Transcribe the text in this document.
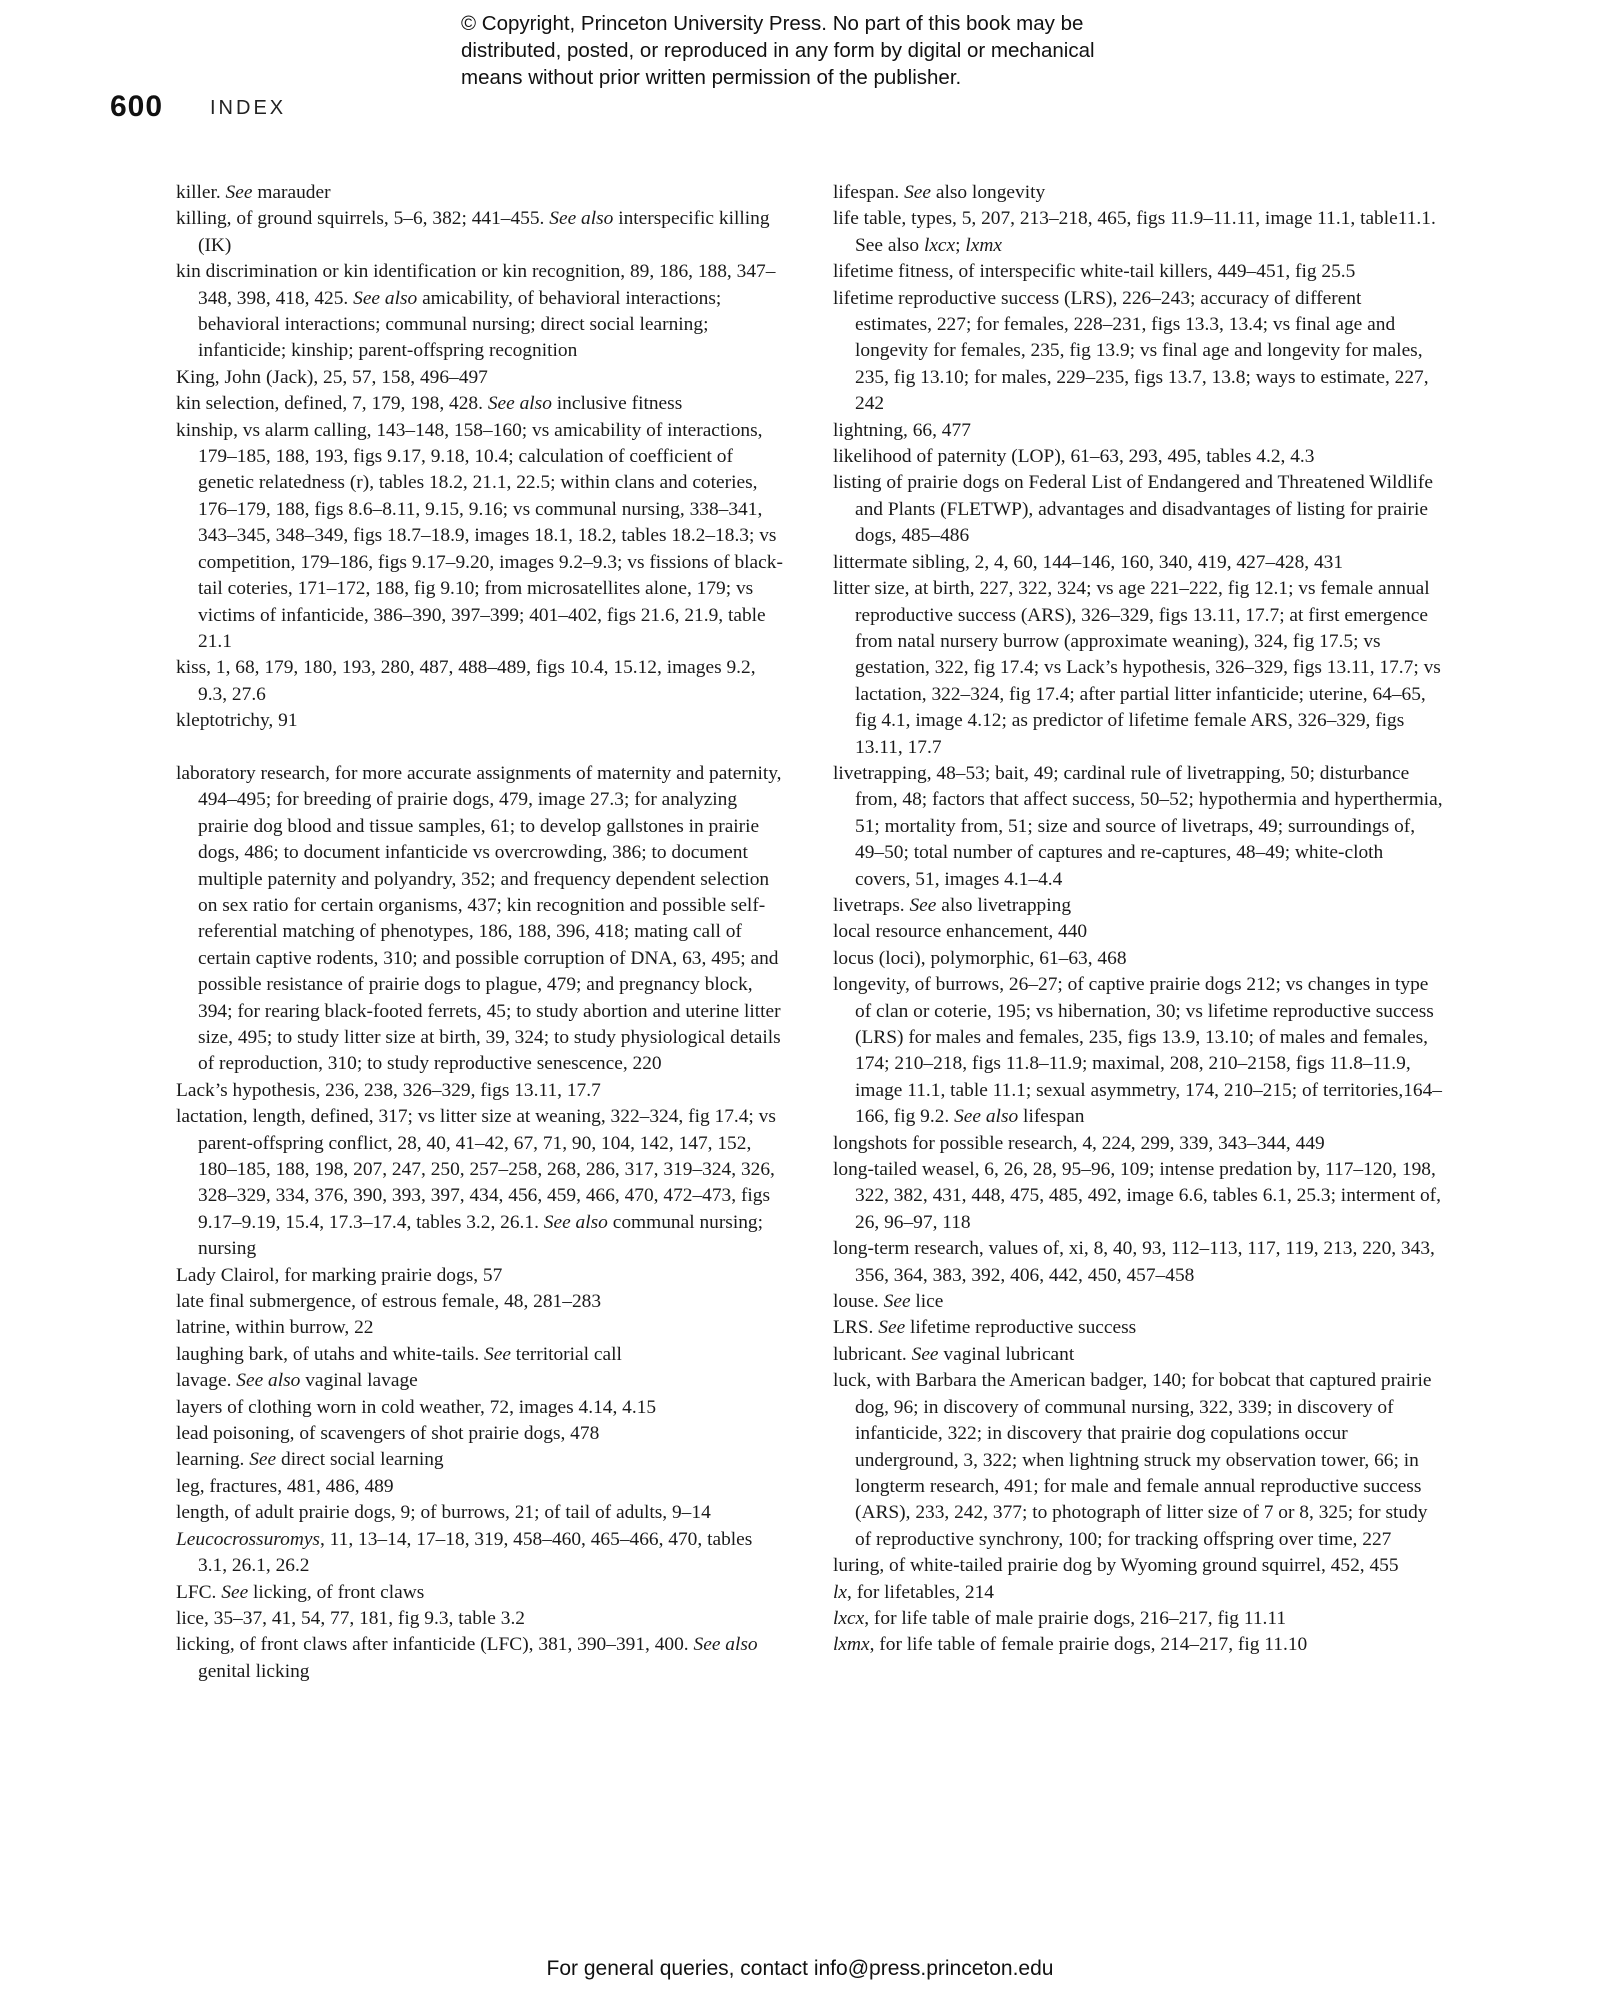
© Copyright, Princeton University Press. No part of this book may be
distributed, posted, or reproduced in any form by digital or mechanical
means without prior written permission of the publisher.
600 INDEX

killer. See marauder

killing, of ground squirrels, 5–6, 382; 441–455. See also interspecific killing (IK)

kin discrimination or kin identification or kin recognition, 89, 186, 188, 347–348, 398, 418, 425. See also amicability, of behavioral interactions; behavioral interactions; communal nursing; direct social learning; infanticide; kinship; parent-offspring recognition

King, John (Jack), 25, 57, 158, 496–497

kin selection, defined, 7, 179, 198, 428. See also inclusive fitness

kinship, vs alarm calling, 143–148, 158–160; vs amicability of interactions, 179–185, 188, 193, figs 9.17, 9.18, 10.4; calculation of coefficient of genetic relatedness (r), tables 18.2, 21.1, 22.5; within clans and coteries, 176–179, 188, figs 8.6–8.11, 9.15, 9.16; vs communal nursing, 338–341, 343–345, 348–349, figs 18.7–18.9, images 18.1, 18.2, tables 18.2–18.3; vs competition, 179–186, figs 9.17–9.20, images 9.2–9.3; vs fissions of black-tail coteries, 171–172, 188, fig 9.10; from microsatellites alone, 179; vs victims of infanticide, 386–390, 397–399; 401–402, figs 21.6, 21.9, table 21.1

kiss, 1, 68, 179, 180, 193, 280, 487, 488–489, figs 10.4, 15.12, images 9.2, 9.3, 27.6

kleptotrichy, 91

laboratory research, for more accurate assignments of maternity and paternity, 494–495; for breeding of prairie dogs, 479, image 27.3; for analyzing prairie dog blood and tissue samples, 61; to develop gallstones in prairie dogs, 486; to document infanticide vs overcrowding, 386; to document multiple paternity and polyandry, 352; and frequency dependent selection on sex ratio for certain organisms, 437; kin recognition and possible self-referential matching of phenotypes, 186, 188, 396, 418; mating call of certain captive rodents, 310; and possible corruption of DNA, 63, 495; and possible resistance of prairie dogs to plague, 479; and pregnancy block, 394; for rearing black-footed ferrets, 45; to study abortion and uterine litter size, 495; to study litter size at birth, 39, 324; to study physiological details of reproduction, 310; to study reproductive senescence, 220

Lack’s hypothesis, 236, 238, 326–329, figs 13.11, 17.7

lactation, length, defined, 317; vs litter size at weaning, 322–324, fig 17.4; vs parent-offspring conflict, 28, 40, 41–42, 67, 71, 90, 104, 142, 147, 152, 180–185, 188, 198, 207, 247, 250, 257–258, 268, 286, 317, 319–324, 326, 328–329, 334, 376, 390, 393, 397, 434, 456, 459, 466, 470, 472–473, figs 9.17–9.19, 15.4, 17.3–17.4, tables 3.2, 26.1. See also communal nursing; nursing

Lady Clairol, for marking prairie dogs, 57

late final submergence, of estrous female, 48, 281–283

latrine, within burrow, 22

laughing bark, of utahs and white-tails. See territorial call

lavage. See also vaginal lavage

layers of clothing worn in cold weather, 72, images 4.14, 4.15

lead poisoning, of scavengers of shot prairie dogs, 478

learning. See direct social learning

leg, fractures, 481, 486, 489

length, of adult prairie dogs, 9; of burrows, 21; of tail of adults, 9–14

Leucocrossuromys, 11, 13–14, 17–18, 319, 458–460, 465–466, 470, tables 3.1, 26.1, 26.2

LFC. See licking, of front claws

lice, 35–37, 41, 54, 77, 181, fig 9.3, table 3.2

licking, of front claws after infanticide (LFC), 381, 390–391, 400. See also genital licking

lifespan. See also longevity

life table, types, 5, 207, 213–218, 465, figs 11.9–11.11, image 11.1, table11.1. See also lxcx; lxmx

lifetime fitness, of interspecific white-tail killers, 449–451, fig 25.5

lifetime reproductive success (LRS), 226–243; accuracy of different estimates, 227; for females, 228–231, figs 13.3, 13.4; vs final age and longevity for females, 235, fig 13.9; vs final age and longevity for males, 235, fig 13.10; for males, 229–235, figs 13.7, 13.8; ways to estimate, 227, 242

lightning, 66, 477

likelihood of paternity (LOP), 61–63, 293, 495, tables 4.2, 4.3

listing of prairie dogs on Federal List of Endangered and Threatened Wildlife and Plants (FLETWP), advantages and disadvantages of listing for prairie dogs, 485–486

littermate sibling, 2, 4, 60, 144–146, 160, 340, 419, 427–428, 431

litter size, at birth, 227, 322, 324; vs age 221–222, fig 12.1; vs female annual reproductive success (ARS), 326–329, figs 13.11, 17.7; at first emergence from natal nursery burrow (approximate weaning), 324, fig 17.5; vs gestation, 322, fig 17.4; vs Lack’s hypothesis, 326–329, figs 13.11, 17.7; vs lactation, 322–324, fig 17.4; after partial litter infanticide; uterine, 64–65, fig 4.1, image 4.12; as predictor of lifetime female ARS, 326–329, figs 13.11, 17.7

livetrapping, 48–53; bait, 49; cardinal rule of livetrapping, 50; disturbance from, 48; factors that affect success, 50–52; hypothermia and hyperthermia, 51; mortality from, 51; size and source of livetraps, 49; surroundings of, 49–50; total number of captures and re-captures, 48–49; white-cloth covers, 51, images 4.1–4.4

livetraps. See also livetrapping

local resource enhancement, 440

locus (loci), polymorphic, 61–63, 468

longevity, of burrows, 26–27; of captive prairie dogs 212; vs changes in type of clan or coterie, 195; vs hibernation, 30; vs lifetime reproductive success (LRS) for males and females, 235, figs 13.9, 13.10; of males and females, 174; 210–218, figs 11.8–11.9; maximal, 208, 210–2158, figs 11.8–11.9, image 11.1, table 11.1; sexual asymmetry, 174, 210–215; of territories,164–166, fig 9.2. See also lifespan

longshots for possible research, 4, 224, 299, 339, 343–344, 449

long-tailed weasel, 6, 26, 28, 95–96, 109; intense predation by, 117–120, 198, 322, 382, 431, 448, 475, 485, 492, image 6.6, tables 6.1, 25.3; interment of, 26, 96–97, 118

long-term research, values of, xi, 8, 40, 93, 112–113, 117, 119, 213, 220, 343, 356, 364, 383, 392, 406, 442, 450, 457–458

louse. See lice

LRS. See lifetime reproductive success

lubricant. See vaginal lubricant

luck, with Barbara the American badger, 140; for bobcat that captured prairie dog, 96; in discovery of communal nursing, 322, 339; in discovery of infanticide, 322; in discovery that prairie dog copulations occur underground, 3, 322; when lightning struck my observation tower, 66; in longterm research, 491; for male and female annual reproductive success (ARS), 233, 242, 377; to photograph of litter size of 7 or 8, 325; for study of reproductive synchrony, 100; for tracking offspring over time, 227

luring, of white-tailed prairie dog by Wyoming ground squirrel, 452, 455

lx, for lifetables, 214

lxcx, for life table of male prairie dogs, 216–217, fig 11.11

lxmx, for life table of female prairie dogs, 214–217, fig 11.10

For general queries, contact info@press.princeton.edu
